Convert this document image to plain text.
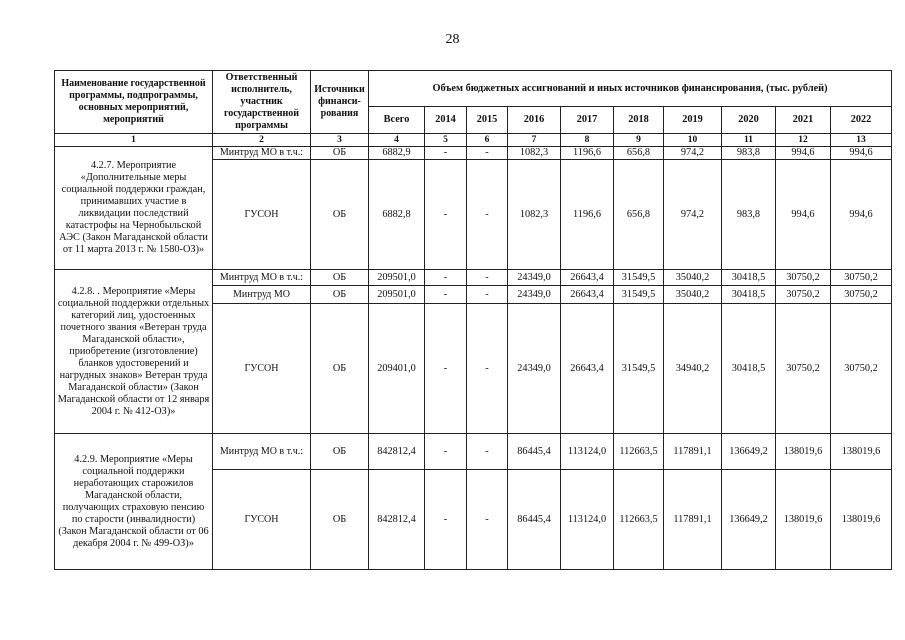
28
Наименование государственной программы, подпрограммы, основных мероприятий, мероприятий	Ответственный исполнитель, участник государственной программы	Источники финанси-рования	Объем бюджетных ассигнований и иных источников финансирования, (тыс. рублей)									
			Всего	2014	2015	2016	2017	2018	2019	2020	2021	2022
1	2	3	4	5	6	7	8	9	10	11	12	13
4.2.7. Мероприятие «Дополнительные меры социальной поддержки граждан, принимавших участие в ликвидации последствий катастрофы на Чернобыльской АЭС (Закон Магаданской области от 11 марта 2013 г. № 1580-ОЗ)»	Минтруд МО в т.ч.:	ОБ	6882,9	-	-	1082,3	1196,6	656,8	974,2	983,8	994,6	994,6
	ГУСОН	ОБ	6882,8	-	-	1082,3	1196,6	656,8	974,2	983,8	994,6	994,6
4.2.8. . Мероприятие «Меры социальной поддержки отдельных категорий лиц, удостоенных почетного звания «Ветеран труда Магаданской области», приобретение (изготовление) бланков удостоверений и нагрудных знаков» Ветеран труда Магаданской области» (Закон Магаданской области от 12 января 2004 г. № 412-ОЗ)»	Минтруд МО в т.ч.:	ОБ	209501,0	-	-	24349,0	26643,4	31549,5	35040,2	30418,5	30750,2	30750,2
	Минтруд МО	ОБ	209501,0	-	-	24349,0	26643,4	31549,5	35040,2	30418,5	30750,2	30750,2
	ГУСОН	ОБ	209401,0	-	-	24349,0	26643,4	31549,5	34940,2	30418,5	30750,2	30750,2
4.2.9. Мероприятие «Меры социальной поддержки неработающих старожилов Магаданской области, получающих страховую пенсию по старости (инвалидности) (Закон Магаданской области от 06 декабря 2004 г. № 499-ОЗ)»	Минтруд МО в т.ч.:	ОБ	842812,4	-	-	86445,4	113124,0	112663,5	117891,1	136649,2	138019,6	138019,6
	ГУСОН	ОБ	842812,4	-	-	86445,4	113124,0	112663,5	117891,1	136649,2	138019,6	138019,6
